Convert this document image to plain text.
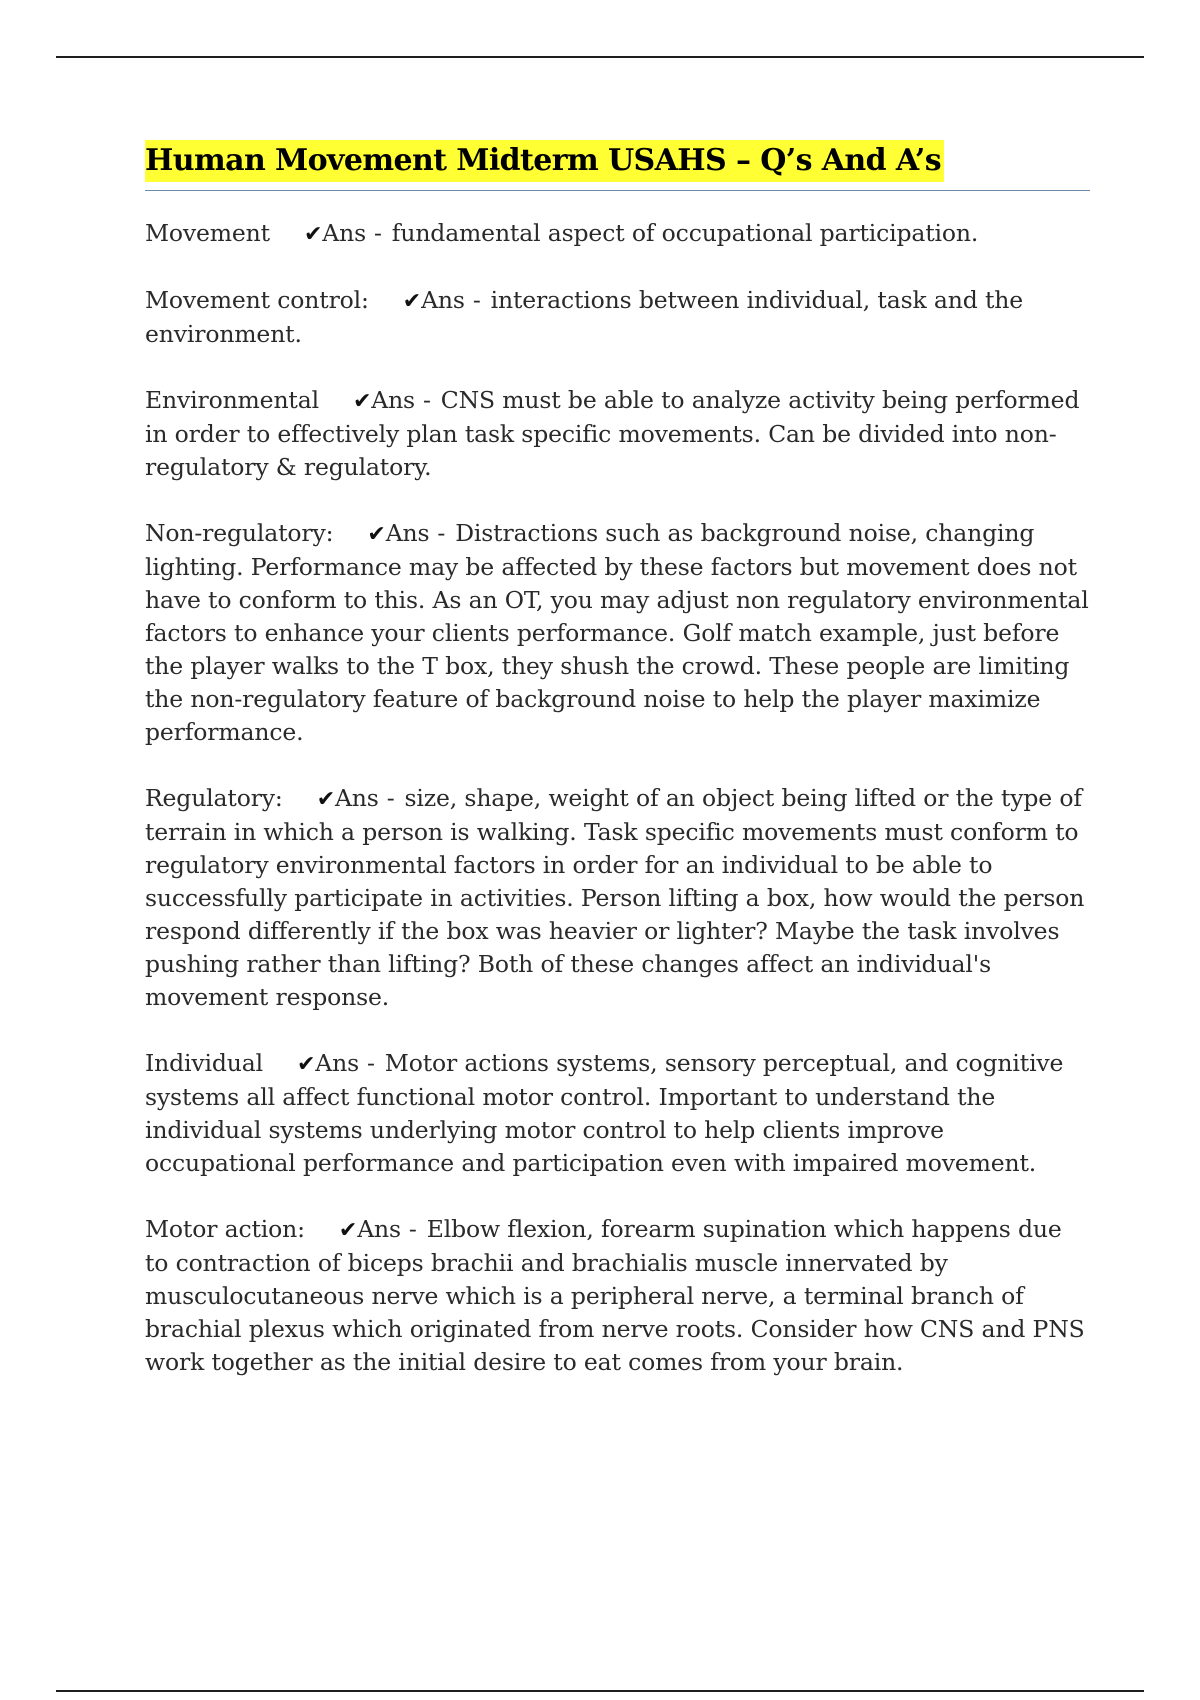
Human Movement Midterm USAHS – Q’s And A’s

Movement ✔Ans - fundamental aspect of occupational participation.

Movement control: ✔Ans - interactions between individual, task and the environment.

Environmental ✔Ans - CNS must be able to analyze activity being performed in order to effectively plan task specific movements. Can be divided into non-regulatory & regulatory.

Non-regulatory: ✔Ans - Distractions such as background noise, changing lighting. Performance may be affected by these factors but movement does not have to conform to this. As an OT, you may adjust non regulatory environmental factors to enhance your clients performance. Golf match example, just before the player walks to the T box, they shush the crowd. These people are limiting the non-regulatory feature of background noise to help the player maximize performance.

Regulatory: ✔Ans - size, shape, weight of an object being lifted or the type of terrain in which a person is walking. Task specific movements must conform to regulatory environmental factors in order for an individual to be able to successfully participate in activities. Person lifting a box, how would the person respond differently if the box was heavier or lighter? Maybe the task involves pushing rather than lifting? Both of these changes affect an individual's movement response.

Individual ✔Ans - Motor actions systems, sensory perceptual, and cognitive systems all affect functional motor control. Important to understand the individual systems underlying motor control to help clients improve occupational performance and participation even with impaired movement.

Motor action: ✔Ans - Elbow flexion, forearm supination which happens due to contraction of biceps brachii and brachialis muscle innervated by musculocutaneous nerve which is a peripheral nerve, a terminal branch of brachial plexus which originated from nerve roots. Consider how CNS and PNS work together as the initial desire to eat comes from your brain.
